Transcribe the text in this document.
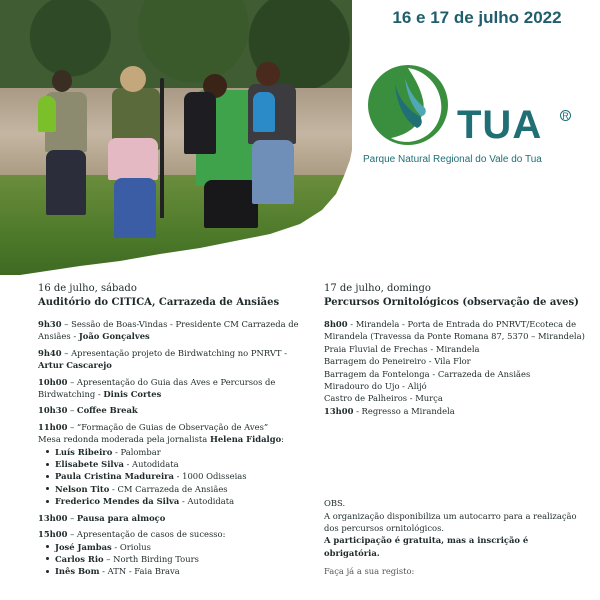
16 e 17 de julho 2022
TUA R
Parque Natural Regional do Vale do Tua
16 de julho, sábado
Auditório do CITICA, Carrazeda de Ansiães
9h30 – Sessão de Boas-Vindas - Presidente CM Carrazeda de Ansiães - João Gonçalves
9h40 – Apresentação projeto de Birdwatching no PNRVT - Artur Cascarejo
10h00 – Apresentação do Guia das Aves e Percursos de Birdwatching - Dinis Cortes
10h30 – Coffee Break
11h00 – “Formação de Guias de Observação de Aves”
Mesa redonda moderada pela jornalista Helena Fidalgo:
Luís Ribeiro - Palombar
Elisabete Silva - Autodidata
Paula Cristina Madureira - 1000 Odisseias
Nelson Tito - CM Carrazeda de Ansiães
Frederico Mendes da Silva - Autodidata
13h00 – Pausa para almoço
15h00 – Apresentação de casos de sucesso:
José Jambas - Oriolus
Carlos Rio – North Birding Tours
Inês Bom - ATN - Faia Brava
17 de julho, domingo
Percursos Ornitológicos (observação de aves)
8h00 - Mirandela - Porta de Entrada do PNRVT/Ecoteca de Mirandela (Travessa da Ponte Romana 87, 5370 – Mirandela)
Praia Fluvial de Frechas - Mirandela
Barragem do Peneireiro - Vila Flor
Barragem da Fontelonga - Carrazeda de Ansiães
Miradouro do Ujo - Alijó
Castro de Palheiros - Murça
13h00 - Regresso a Mirandela
OBS.
A organização disponibiliza um autocarro para a realização dos percursos ornitológicos.
A participação é gratuita, mas a inscrição é obrigatória.
Faça já a sua registo:
